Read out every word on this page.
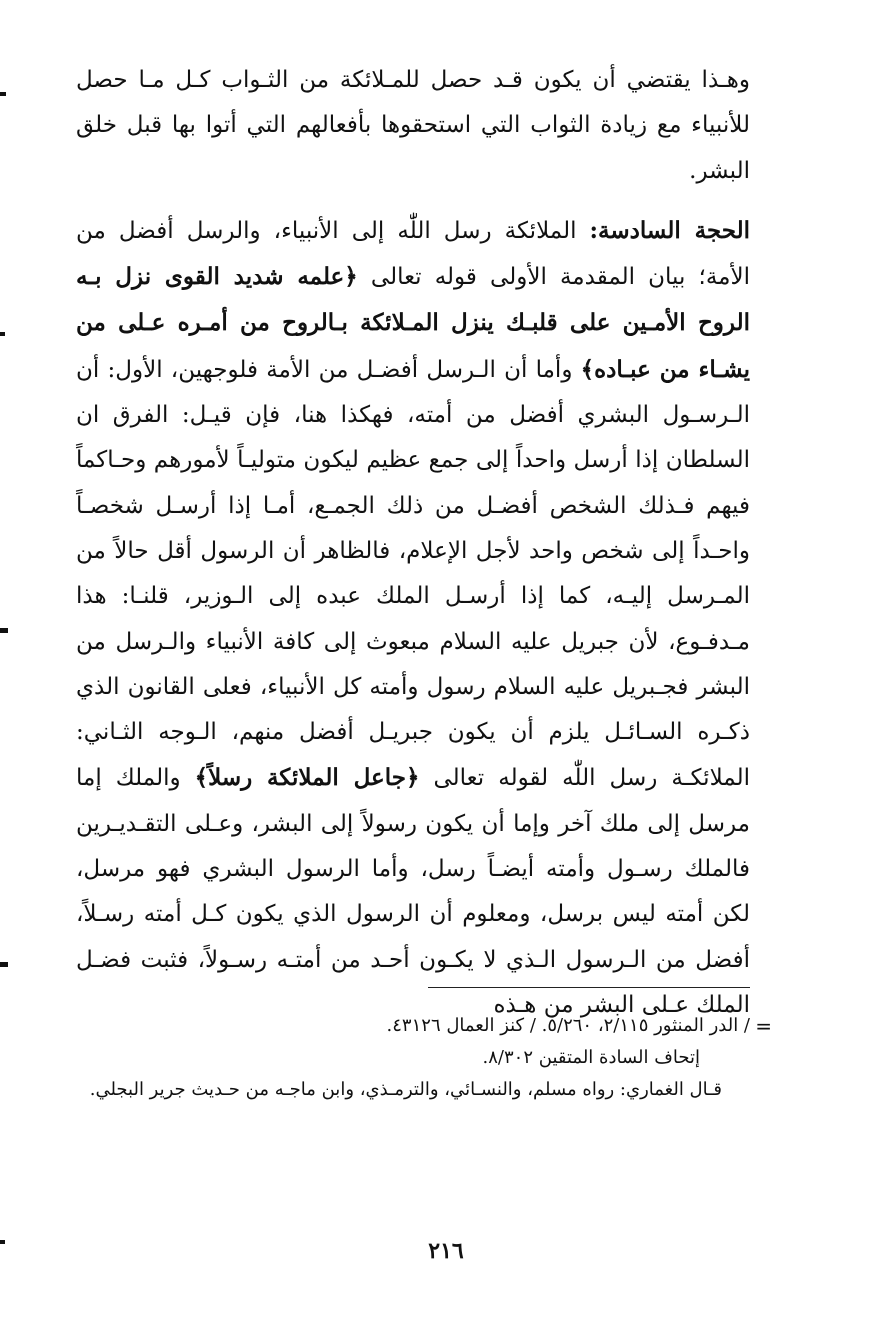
وهـذا يقتضي أن يكون قـد حصل للمـلائكة من الثـواب كـل مـا حصل للأنبياء مع زيادة الثواب التي استحقوها بأفعالهم التي أتوا بها قبل خلق البشر.

الحجة السادسة: الملائكة رسل اللّٰه إلى الأنبياء، والرسل أفضل من الأمة؛ بيان المقدمة الأولى قوله تعالى ﴿علمه شديد القوى نزل بـه الروح الأمـين على قلبـك ينزل المـلائكة بـالروح من أمـره عـلى من يشـاء من عبـاده﴾ وأما أن الـرسل أفضـل من الأمة فلوجهين، الأول: أن الـرسـول البشري أفضل من أمته، فهكذا هنا، فإن قيـل: الفرق ان السلطان إذا أرسل واحداً إلى جمع عظيم ليكون متوليـاً لأمورهم وحـاكماً فيهم فـذلك الشخص أفضـل من ذلك الجمـع، أمـا إذا أرسـل شخصـاً واحـداً إلى شخص واحد لأجل الإعلام، فالظاهر أن الرسول أقل حالاً من المـرسل إليـه، كما إذا أرسـل الملك عبده إلى الـوزير، قلنـا: هذا مـدفـوع، لأن جبريل عليه السلام مبعوث إلى كافة الأنبياء والـرسل من البشر فجـبريل عليه السلام رسول وأمته كل الأنبياء، فعلى القانون الذي ذكـره السـائـل يلزم أن يكون جبريـل أفضل منهم، الـوجه الثـاني: الملائكـة رسل اللّٰه لقوله تعالى ﴿جاعل الملائكة رسلاً﴾ والملك إما مرسل إلى ملك آخر وإما أن يكون رسولاً إلى البشر، وعـلى التقـديـرين فالملك رسـول وأمته أيضـاً رسل، وأما الرسول البشري فهو مرسل، لكن أمته ليس برسل، ومعلوم أن الرسول الذي يكون كـل أمته رسـلاً، أفضل من الـرسول الـذي لا يكـون أحـد من أمتـه رسـولاً، فثبت فضـل الملك عـلى البشر من هـذه

=
/ الدر المنثور ٢/١١٥، ٥/٢٦٠. / كنز العمال ٤٣١٢٦.

إتحاف السادة المتقين ٨/٣٠٢.

قـال الغماري: رواه مسلم، والنسـائي، والترمـذي، وابن ماجـه من حـديث جرير البجلي.

٢١٦
